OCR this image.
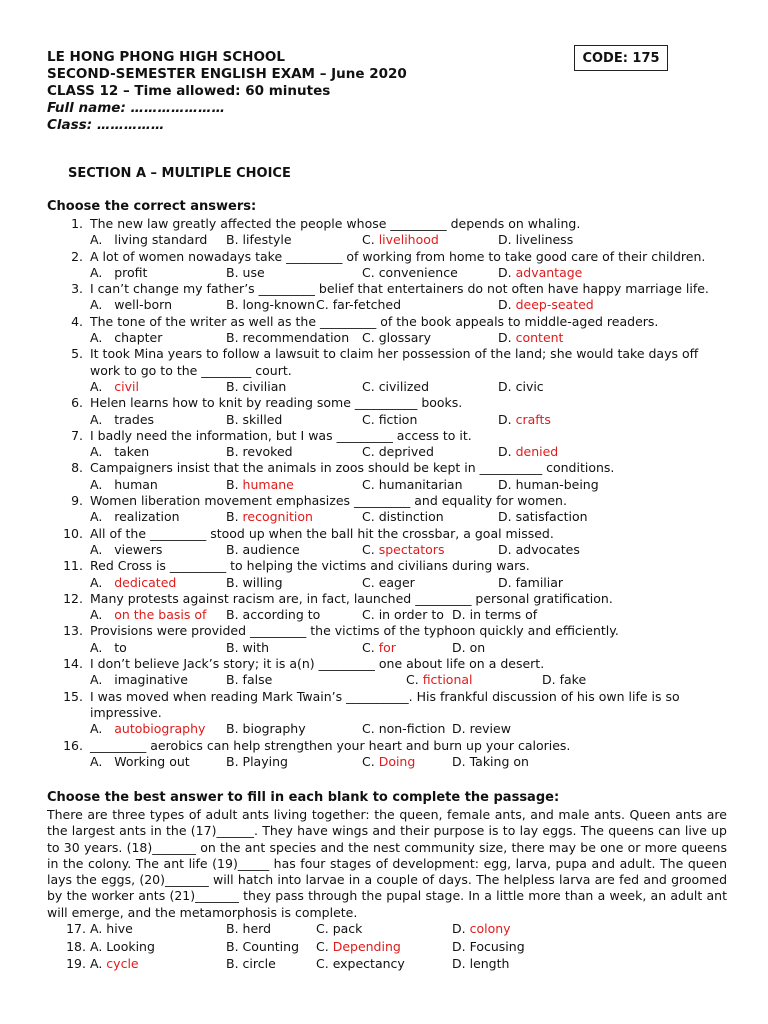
LE HONG PHONG HIGH SCHOOL
SECOND-SEMESTER ENGLISH EXAM – June 2020
CLASS 12 – Time allowed: 60 minutes
Full name: …………………
Class: ……………
CODE: 175
SECTION A – MULTIPLE CHOICE
Choose the correct answers:
1. The new law greatly affected the people whose _________ depends on whaling.
A. living standard	B. lifestyle	C. livelihood	D. liveliness
2. A lot of women nowadays take _________ of working from home to take good care of their children.
A. profit	B. use	C. convenience	D. advantage
3. I can’t change my father’s _________ belief that entertainers do not often have happy marriage life.
A. well-born	B. long-known C. far-fetched	D. deep-seated
4. The tone of the writer as well as the _________ of the book appeals to middle-aged readers.
A. chapter	B. recommendation	C. glossary	D. content
5. It took Mina years to follow a lawsuit to claim her possession of the land; she would take days off work to go to the ________ court.
A. civil	B. civilian	C. civilized	D. civic
6. Helen learns how to knit by reading some __________ books.
A. trades	B. skilled	C. fiction	D. crafts
7. I badly need the information, but I was _________ access to it.
A. taken	B. revoked	C. deprived	D. denied
8. Campaigners insist that the animals in zoos should be kept in __________ conditions.
A. human	B. humane	C. humanitarian	D. human-being
9. Women liberation movement emphasizes _________ and equality for women.
A. realization	B. recognition	C. distinction	D. satisfaction
10. All of the _________ stood up when the ball hit the crossbar, a goal missed.
A. viewers	B. audience	C. spectators	D. advocates
11. Red Cross is _________ to helping the victims and civilians during wars.
A. dedicated	B. willing	C. eager	D. familiar
12. Many protests against racism are, in fact, launched _________ personal gratification.
A. on the basis of	B. according to	C. in order to D. in terms of
13. Provisions were provided _________ the victims of the typhoon quickly and efficiently.
A. to	B. with	C. for	D. on
14. I don’t believe Jack’s story; it is a(n) _________ one about life on a desert.
A. imaginative	B. false	C. fictional	D. fake
15. I was moved when reading Mark Twain’s __________. His frankful discussion of his own life is so impressive.
A. autobiography	B. biography	C. non-fiction D. review
16. _________ aerobics can help strengthen your heart and burn up your calories.
A. Working out	B. Playing	C. Doing	D. Taking on
Choose the best answer to fill in each blank to complete the passage:
There are three types of adult ants living together: the queen, female ants, and male ants. Queen ants are the largest ants in the (17)______. They have wings and their purpose is to lay eggs. The queens can live up to 30 years. (18)_______ on the ant species and the nest community size, there may be one or more queens in the colony. The ant life (19)_____ has four stages of development: egg, larva, pupa and adult. The queen lays the eggs, (20)_______ will hatch into larvae in a couple of days. The helpless larva are fed and groomed by the worker ants (21)_______ they pass through the pupal stage. In a little more than a week, an adult ant will emerge, and the metamorphosis is complete.
17. A. hive	B. herd	C. pack	D. colony
18. A. Looking	B. Counting	C. Depending	D. Focusing
19. A. cycle	B. circle	C. expectancy	D. length
